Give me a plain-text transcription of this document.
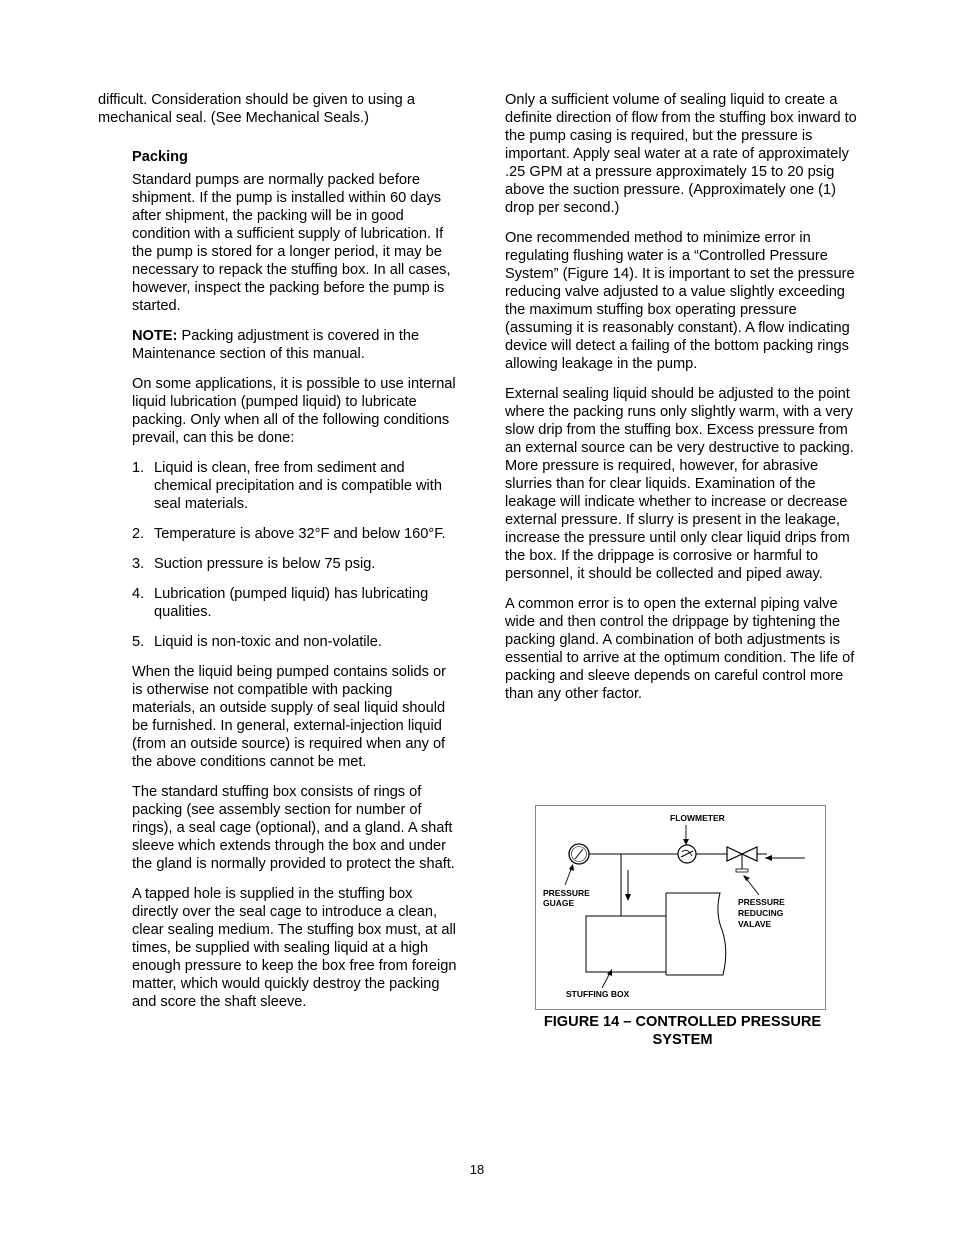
difficult. Consideration should be given to using a mechanical seal. (See Mechanical Seals.)

Packing

Standard pumps are normally packed before shipment. If the pump is installed within 60 days after shipment, the packing will be in good condition with a sufficient supply of lubrication. If the pump is stored for a longer period, it may be necessary to repack the stuffing box. In all cases, however, inspect the packing before the pump is started.

NOTE: Packing adjustment is covered in the Maintenance section of this manual.

On some applications, it is possible to use internal liquid lubrication (pumped liquid) to lubricate packing. Only when all of the following conditions prevail, can this be done:

1. Liquid is clean, free from sediment and chemical precipitation and is compatible with seal materials.
2. Temperature is above 32°F and below 160°F.
3. Suction pressure is below 75 psig.
4. Lubrication (pumped liquid) has lubricating qualities.
5. Liquid is non-toxic and non-volatile.

When the liquid being pumped contains solids or is otherwise not compatible with packing materials, an outside supply of seal liquid should be furnished. In general, external-injection liquid (from an outside source) is required when any of the above conditions cannot be met.

The standard stuffing box consists of rings of packing (see assembly section for number of rings), a seal cage (optional), and a gland. A shaft sleeve which extends through the box and under the gland is normally provided to protect the shaft.

A tapped hole is supplied in the stuffing box directly over the seal cage to introduce a clean, clear sealing medium. The stuffing box must, at all times, be supplied with sealing liquid at a high enough pressure to keep the box free from foreign matter, which would quickly destroy the packing and score the shaft sleeve.

Only a sufficient volume of sealing liquid to create a definite direction of flow from the stuffing box inward to the pump casing is required, but the pressure is important. Apply seal water at a rate of approximately .25 GPM at a pressure approximately 15 to 20 psig above the suction pressure. (Approximately one (1) drop per second.)

One recommended method to minimize error in regulating flushing water is a “Controlled Pressure System” (Figure 14). It is important to set the pressure reducing valve adjusted to a value slightly exceeding the maximum stuffing box operating pressure (assuming it is reasonably constant). A flow indicating device will detect a failing of the bottom packing rings allowing leakage in the pump.

External sealing liquid should be adjusted to the point where the packing runs only slightly warm, with a very slow drip from the stuffing box. Excess pressure from an external source can be very destructive to packing. More pressure is required, however, for abrasive slurries than for clear liquids. Examination of the leakage will indicate whether to increase or decrease external pressure. If slurry is present in the leakage, increase the pressure until only clear liquid drips from the box. If the drippage is corrosive or harmful to personnel, it should be collected and piped away.

A common error is to open the external piping valve wide and then control the drippage by tightening the packing gland. A combination of both adjustments is essential to arrive at the optimum condition. The life of packing and sleeve depends on careful control more than any other factor.

FLOWMETER
PRESSURE
GUAGE	PRESSURE
REDUCING
VALAVE
STUFFING BOX
FIGURE 14 – CONTROLLED PRESSURE
SYSTEM
18
